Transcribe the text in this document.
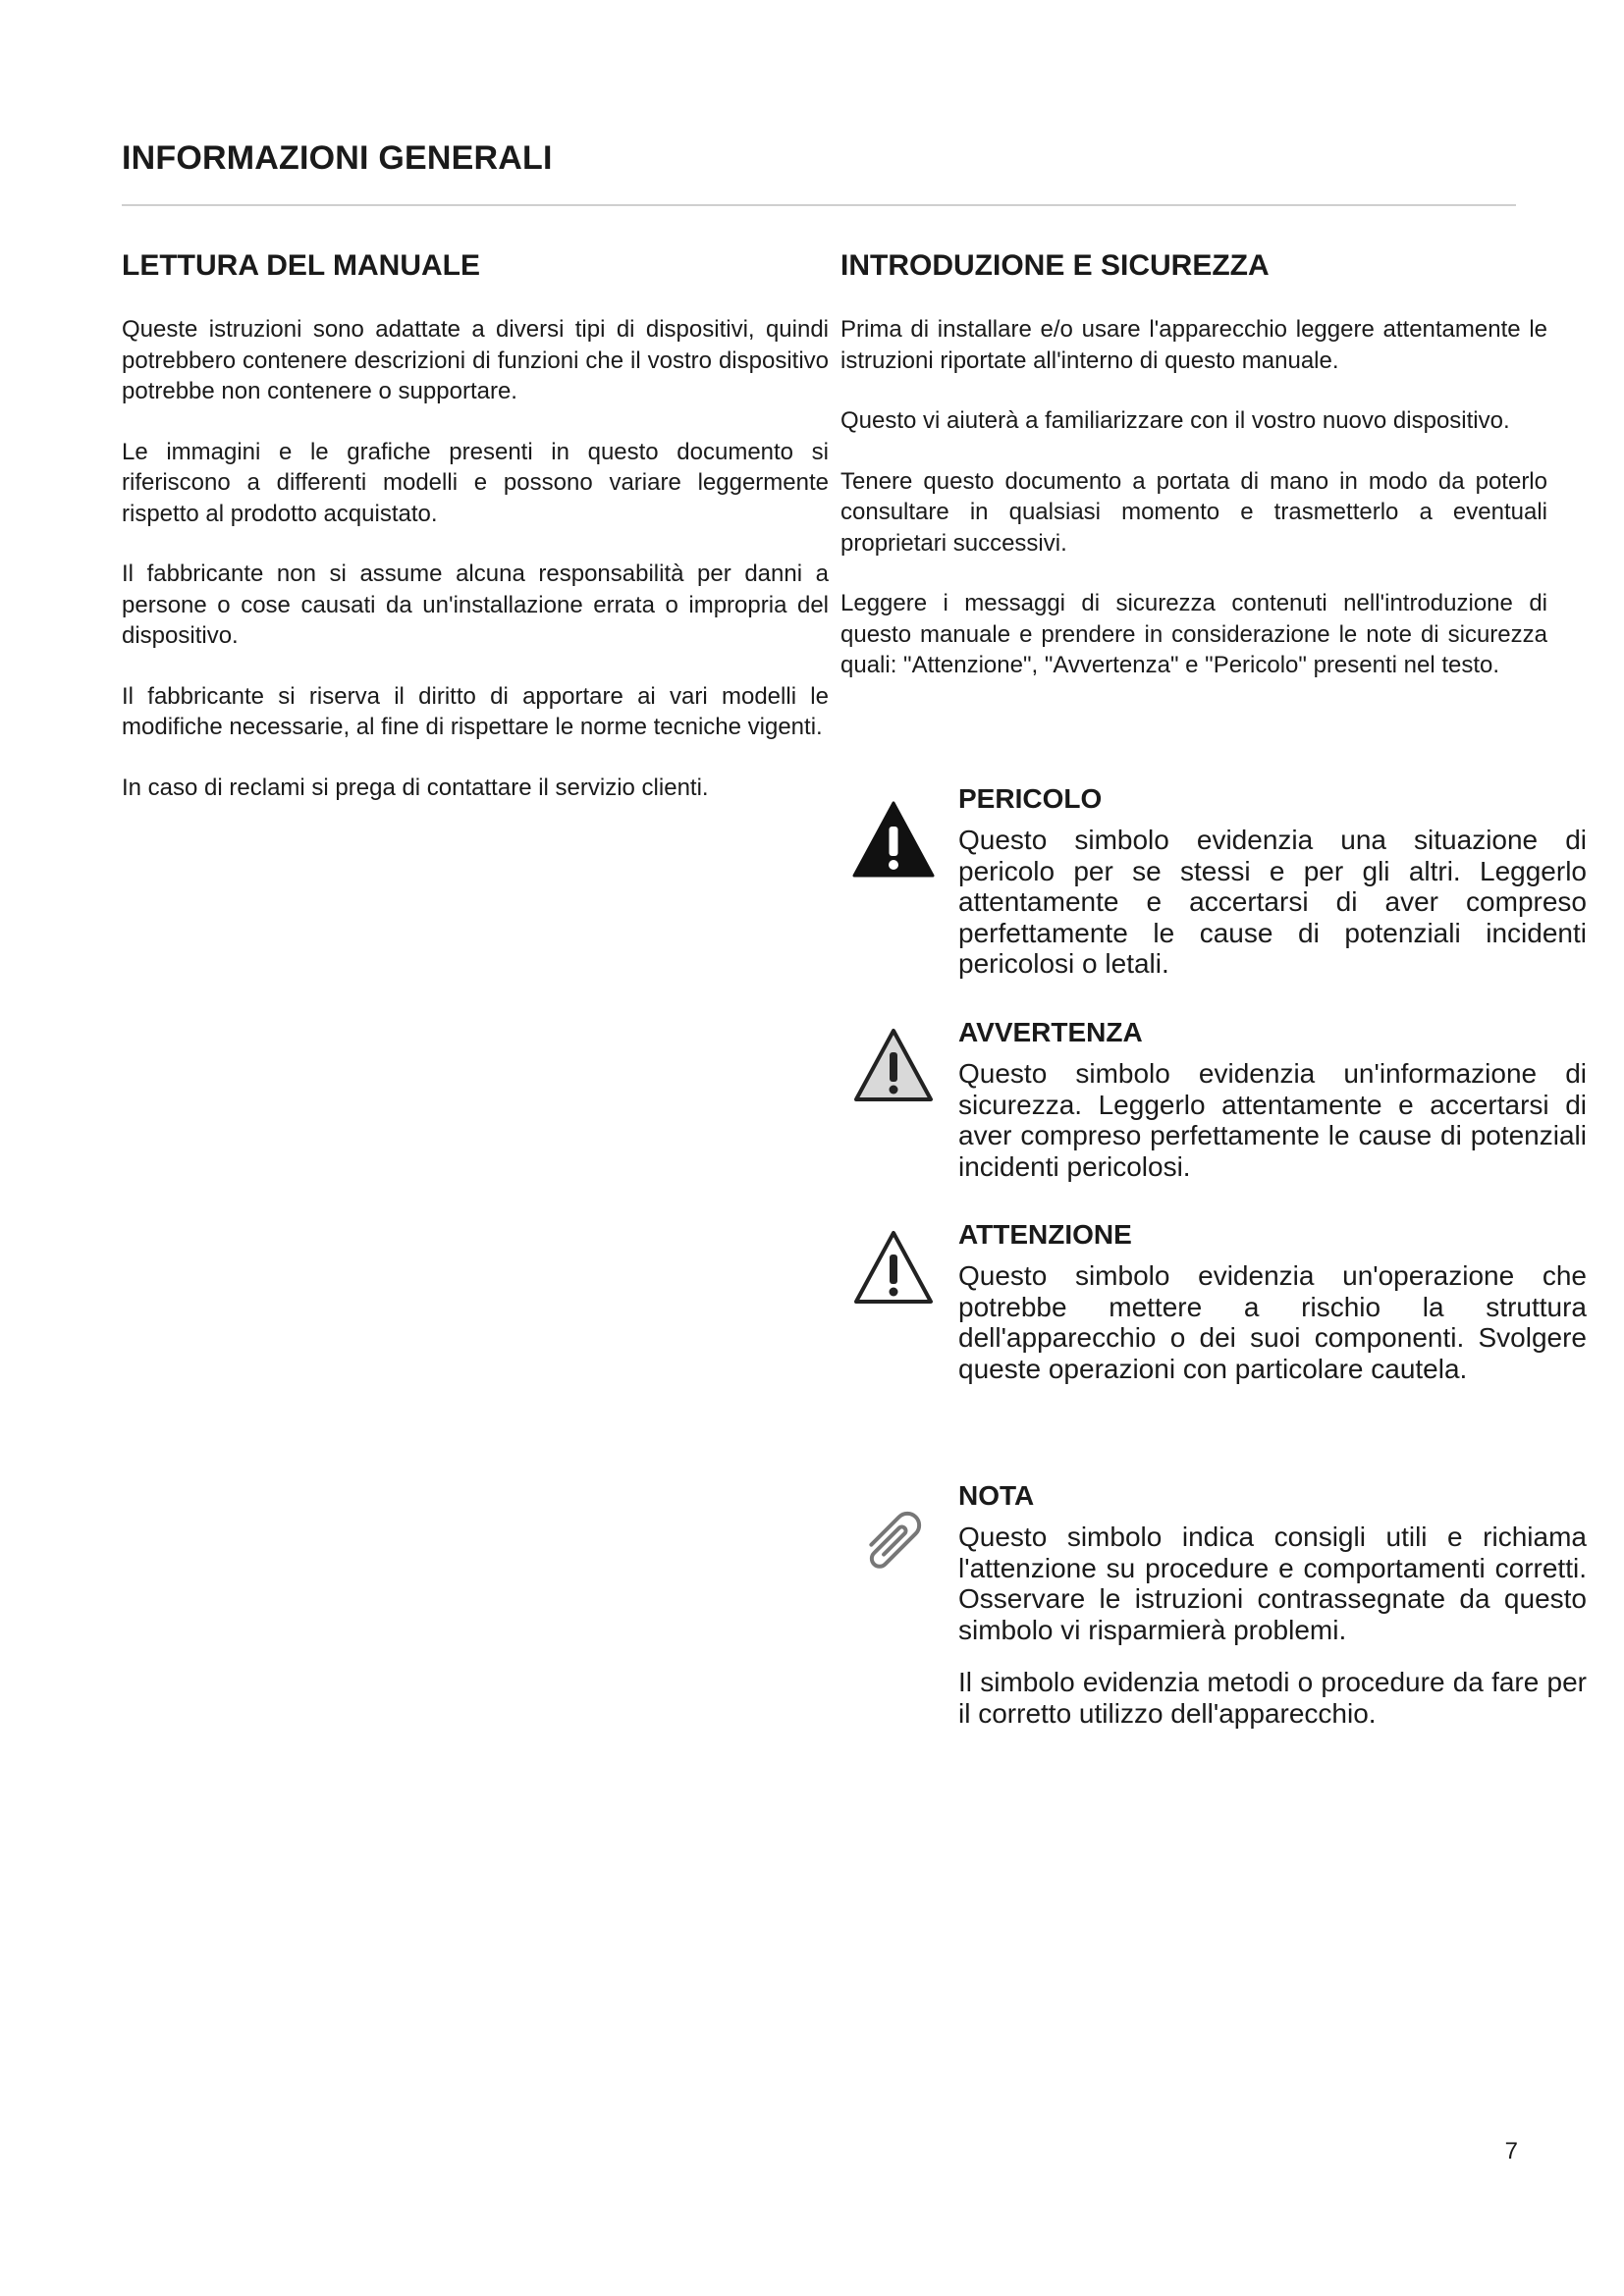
INFORMAZIONI GENERALI
LETTURA DEL MANUALE	INTRODUZIONE E SICUREZZA

Queste istruzioni sono adattate a diversi tipi di dispositivi, quindi potrebbero contenere descrizioni di funzioni che il vostro dispositivo potrebbe non contenere o supportare.

Le immagini e le grafiche presenti in questo documento si riferiscono a differenti modelli e possono variare leggermente rispetto al prodotto acquistato.

Il fabbricante non si assume alcuna responsabilità per danni a persone o cose causati da un'installazione errata o impropria del dispositivo.

Il fabbricante si riserva il diritto di apportare ai vari modelli le modifiche necessarie, al fine di rispettare le norme tecniche vigenti.

In caso di reclami si prega di contattare il servizio clienti.

Prima di installare e/o usare l'apparecchio leggere attentamente le istruzioni riportate all'interno di questo manuale.

Questo vi aiuterà a familiarizzare con il vostro nuovo dispositivo.

Tenere questo documento a portata di mano in modo da poterlo consultare in qualsiasi momento e trasmetterlo a eventuali proprietari successivi.

Leggere i messaggi di sicurezza contenuti nell'introduzione di questo manuale e prendere in considerazione le note di sicurezza quali: "Attenzione", "Avvertenza" e "Pericolo" presenti nel testo.

PERICOLO

Questo simbolo evidenzia una situazione di pericolo per se stessi e per gli altri. Leggerlo attentamente e accertarsi di aver compreso perfettamente le cause di potenziali incidenti pericolosi o letali.

AVVERTENZA

Questo simbolo evidenzia un'informazione di sicurezza. Leggerlo attentamente e accertarsi di aver compreso perfettamente le cause di potenziali incidenti pericolosi.

ATTENZIONE

Questo simbolo evidenzia un'operazione che potrebbe mettere a rischio la struttura dell'apparecchio o dei suoi componenti. Svolgere queste operazioni con particolare cautela.

NOTA

Questo simbolo indica consigli utili e richiama l'attenzione su procedure e comportamenti corretti. Osservare le istruzioni contrassegnate da questo simbolo vi risparmierà problemi.

Il simbolo evidenzia metodi o procedure da fare per il corretto utilizzo dell'apparecchio.

7
